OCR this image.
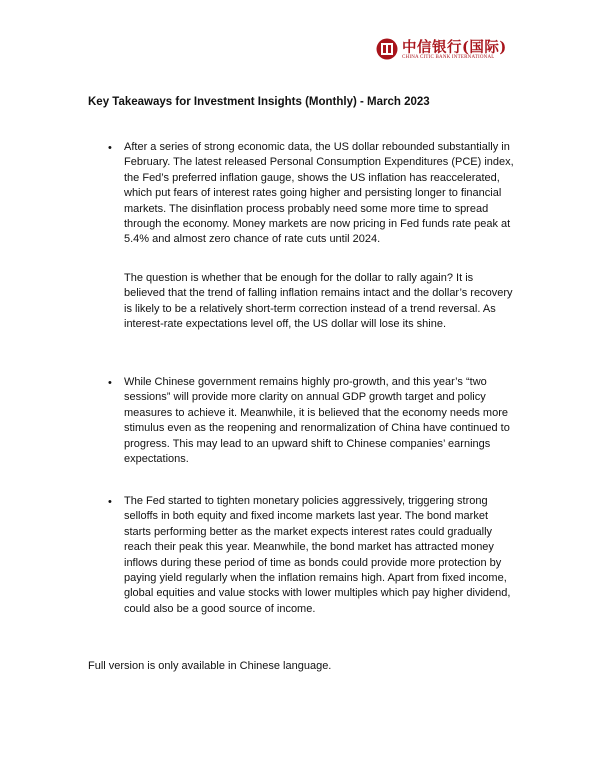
中信银行(国际)
CHINA CITIC BANK INTERNATIONAL
Key Takeaways for Investment Insights (Monthly) - March 2023
• After a series of strong economic data, the US dollar rebounded substantially in February. The latest released Personal Consumption Expenditures (PCE) index, the Fed’s preferred inflation gauge, shows the US inflation has reaccelerated, which put fears of interest rates going higher and persisting longer to financial markets. The disinflation process probably need some more time to spread through the economy. Money markets are now pricing in Fed funds rate peak at 5.4% and almost zero chance of rate cuts until 2024.

The question is whether that be enough for the dollar to rally again? It is believed that the trend of falling inflation remains intact and the dollar’s recovery is likely to be a relatively short-term correction instead of a trend reversal. As interest-rate expectations level off, the US dollar will lose its shine.

• While Chinese government remains highly pro-growth, and this year’s “two sessions” will provide more clarity on annual GDP growth target and policy measures to achieve it. Meanwhile, it is believed that the economy needs more stimulus even as the reopening and renormalization of China have continued to progress. This may lead to an upward shift to Chinese companies’ earnings expectations.

• The Fed started to tighten monetary policies aggressively, triggering strong selloffs in both equity and fixed income markets last year. The bond market starts performing better as the market expects interest rates could gradually reach their peak this year. Meanwhile, the bond market has attracted money inflows during these period of time as bonds could provide more protection by paying yield regularly when the inflation remains high. Apart from fixed income, global equities and value stocks with lower multiples which pay higher dividend, could also be a good source of income.

Full version is only available in Chinese language.
